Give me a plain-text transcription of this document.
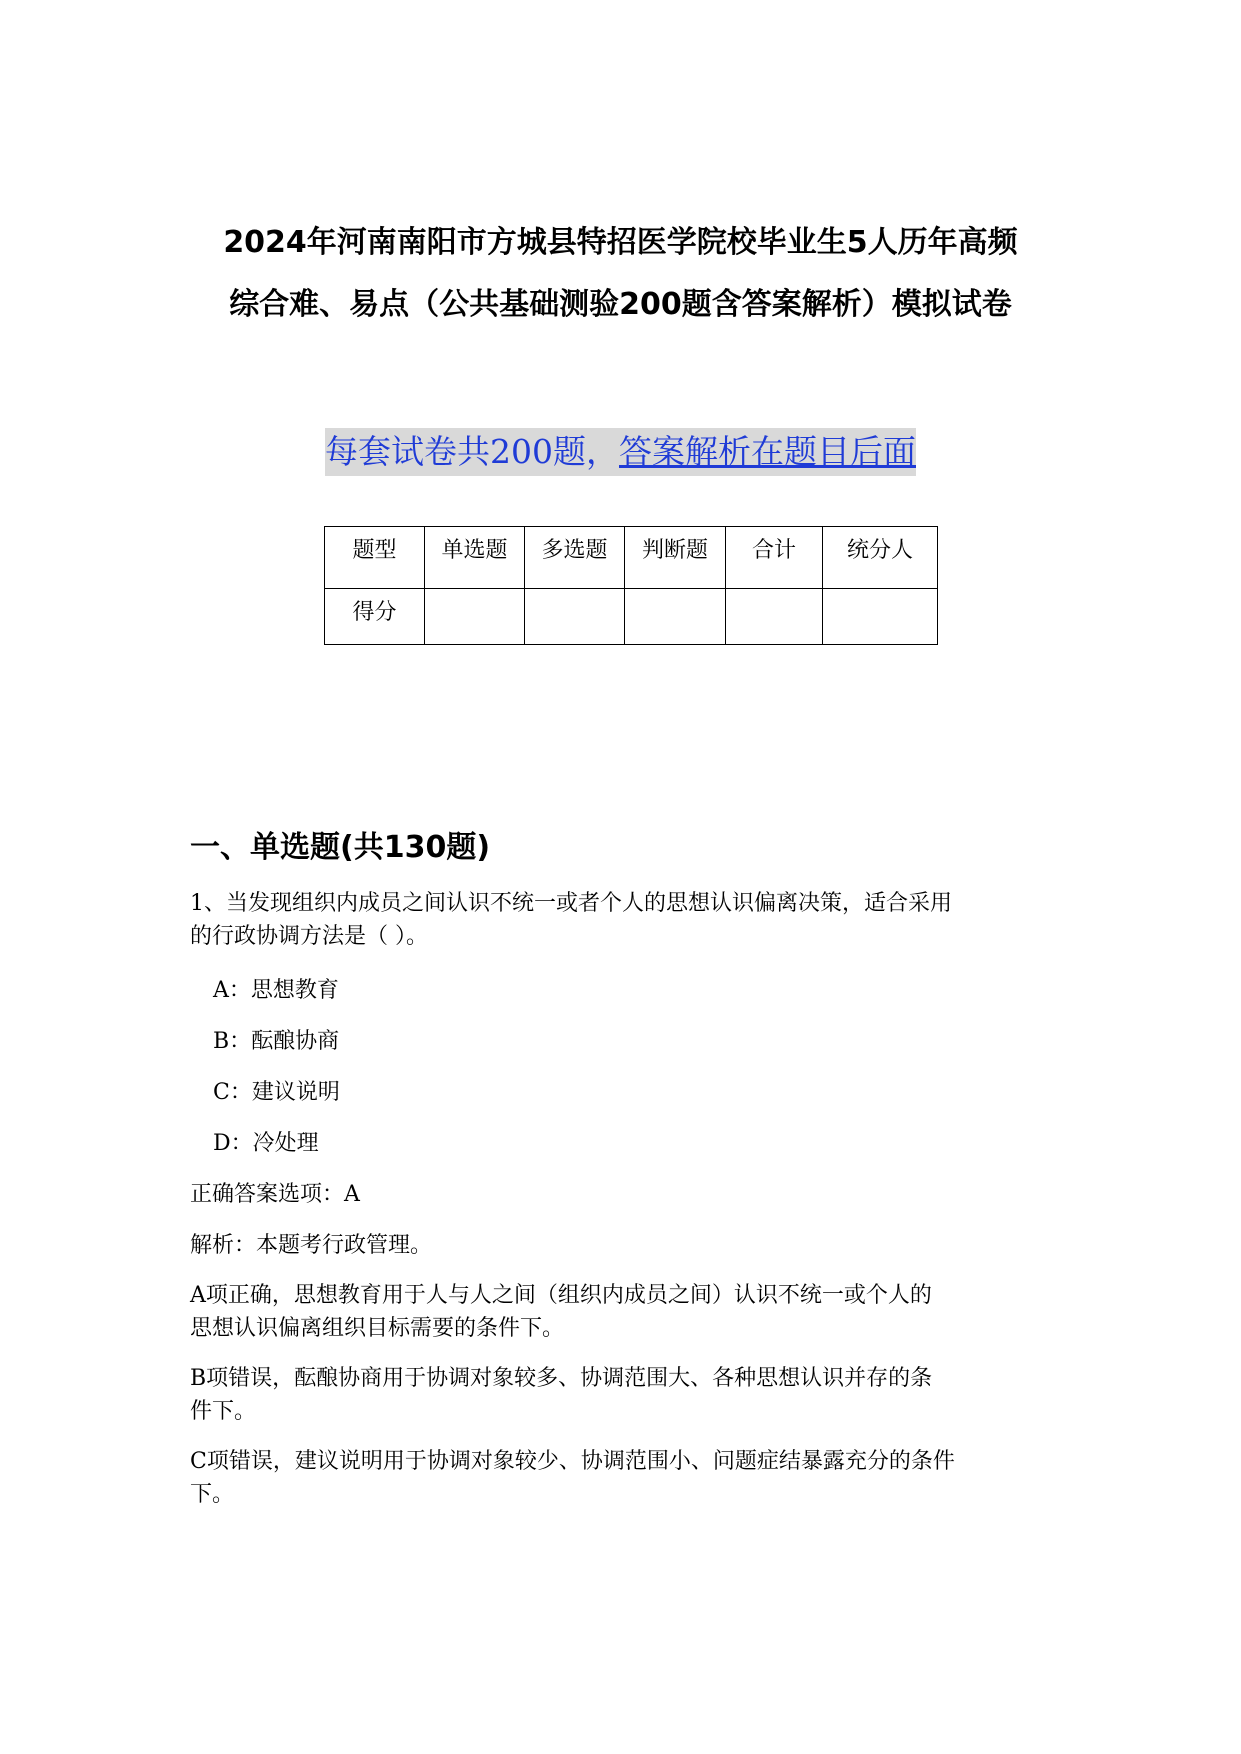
2024年河南南阳市方城县特招医学院校毕业生5人历年高频
综合难、易点（公共基础测验200题含答案解析）模拟试卷
每套试卷共200题，答案解析在题目后面
题型	单选题	多选题	判断题	合计	统分人
得分					
一、单选题(共130题)
1、当发现组织内成员之间认识不统一或者个人的思想认识偏离决策，适合采用
的行政协调方法是（ ）。
A：思想教育
B：酝酿协商
C：建议说明
D：冷处理
正确答案选项：A
解析：本题考行政管理。
A项正确，思想教育用于人与人之间（组织内成员之间）认识不统一或个人的
思想认识偏离组织目标需要的条件下。
B项错误，酝酿协商用于协调对象较多、协调范围大、各种思想认识并存的条
件下。
C项错误，建议说明用于协调对象较少、协调范围小、问题症结暴露充分的条件
下。
